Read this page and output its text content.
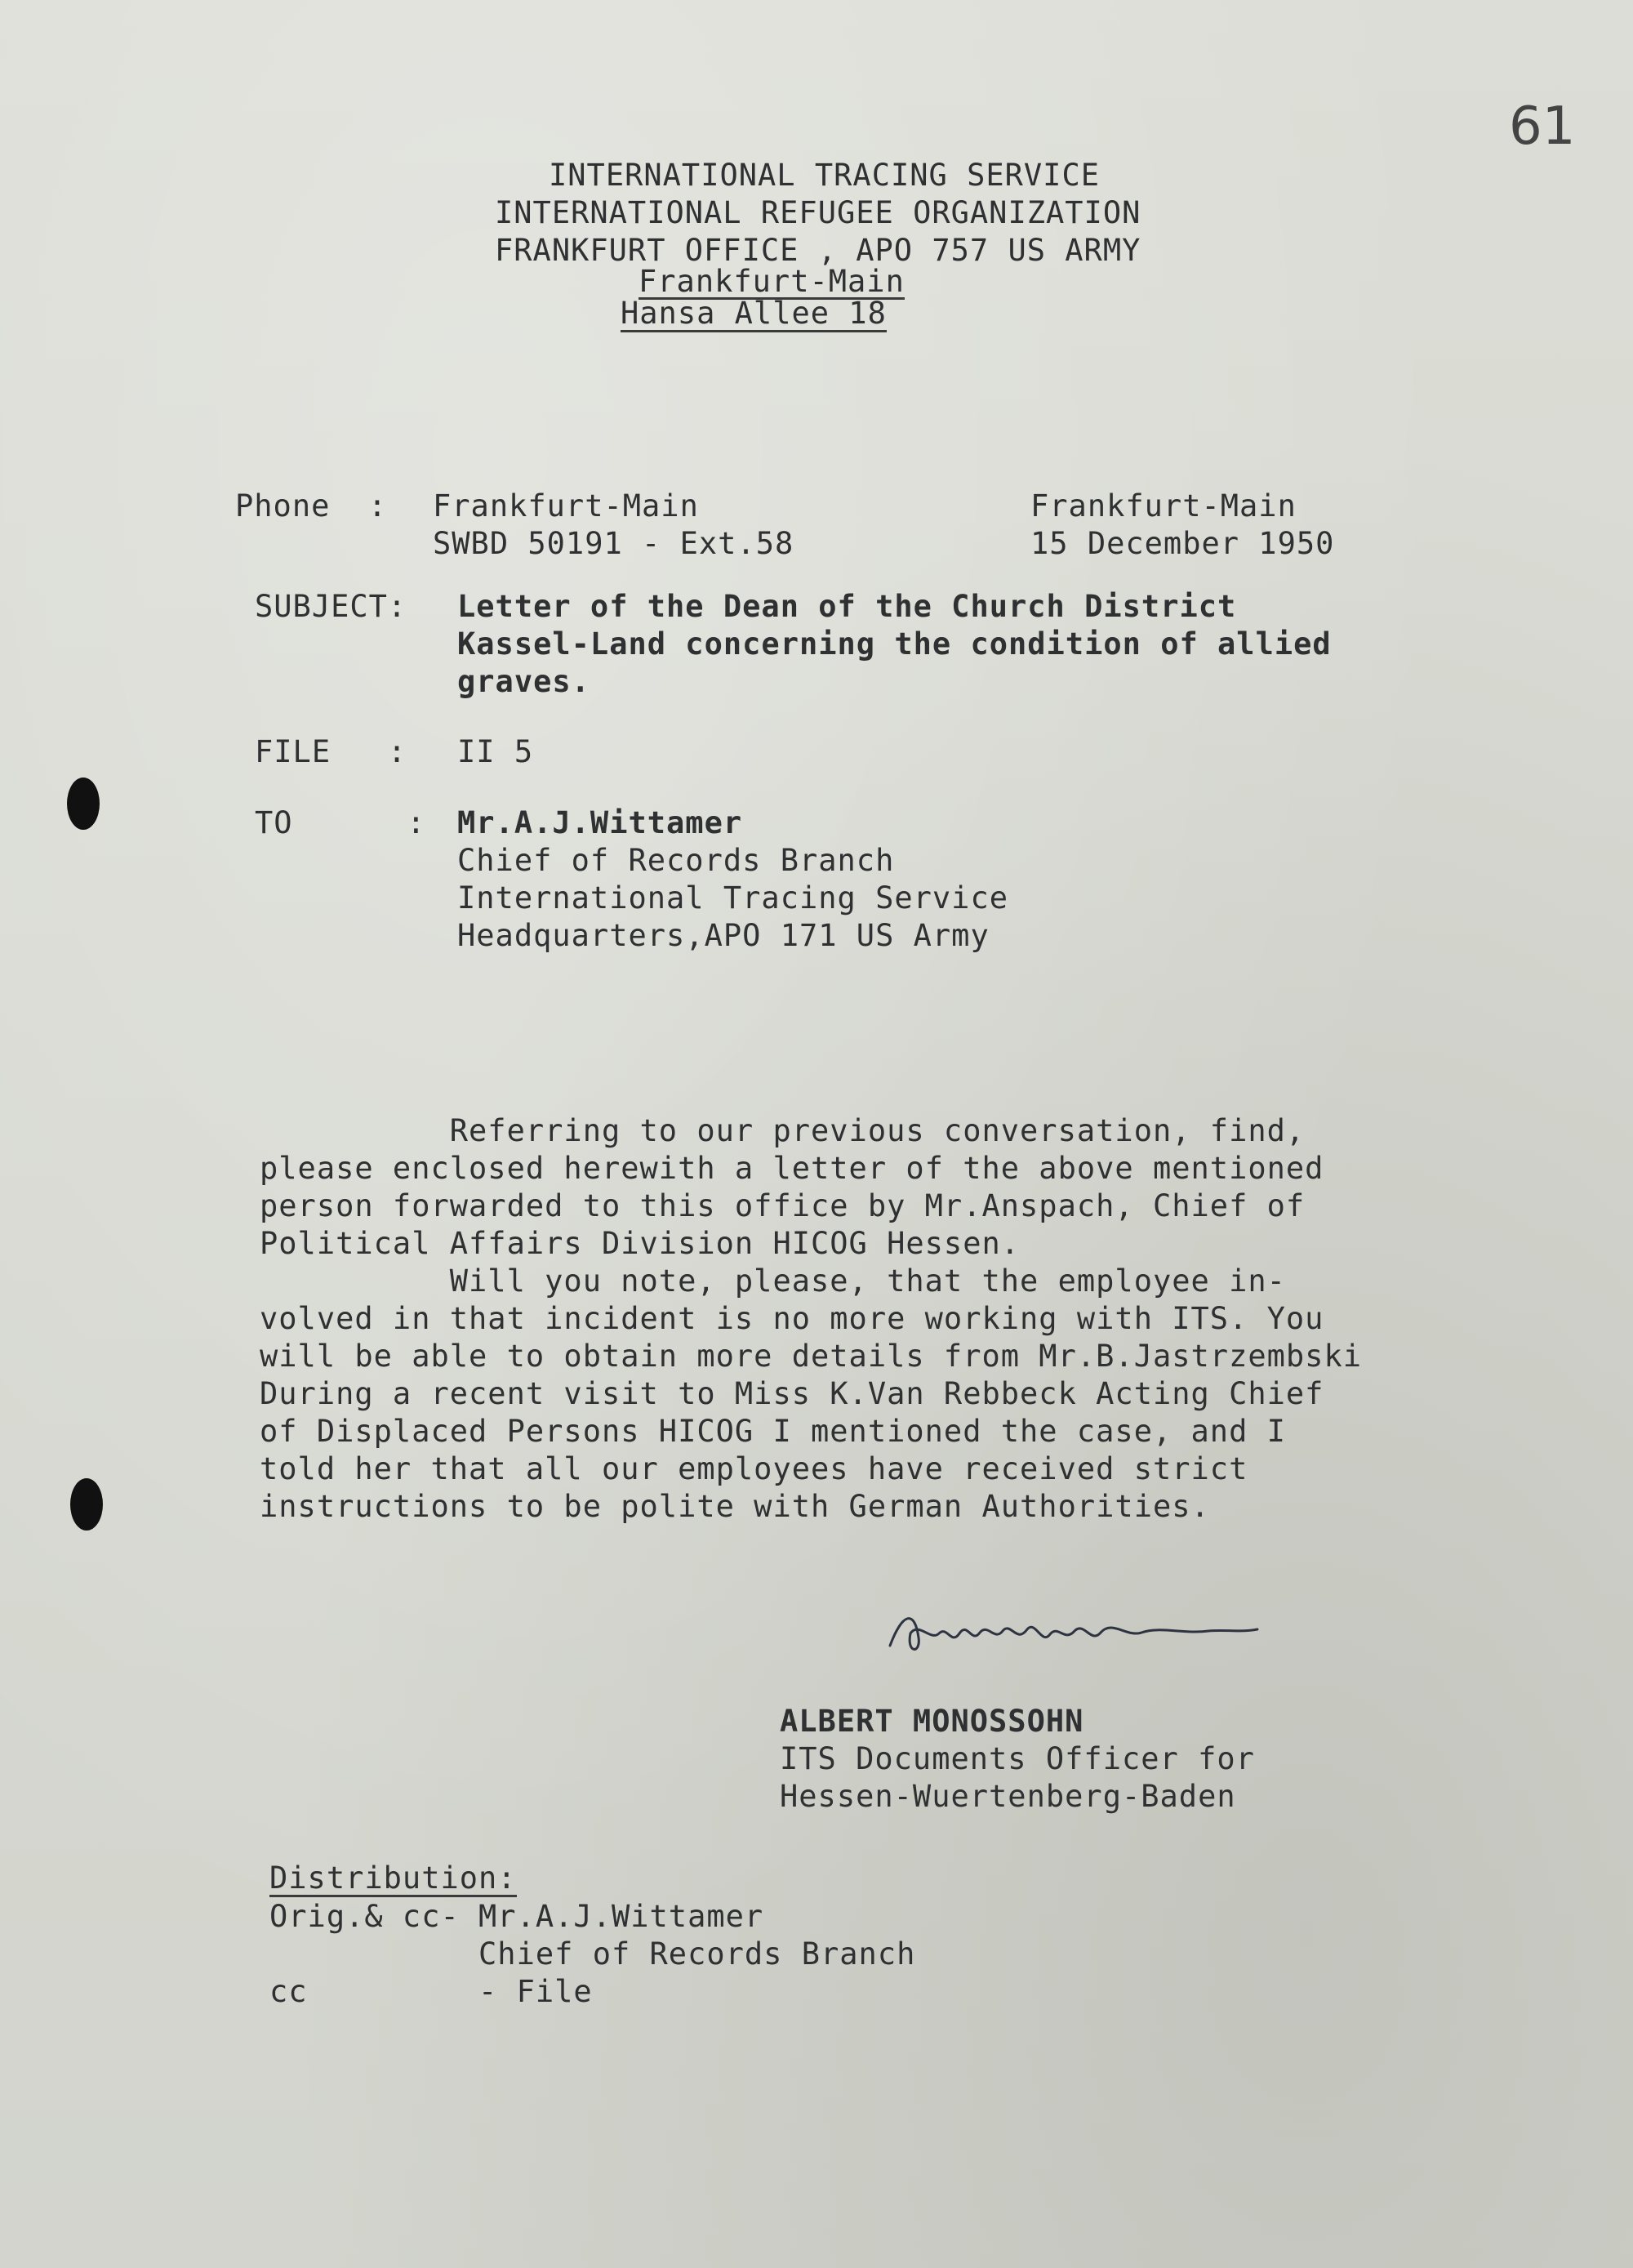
61
INTERNATIONAL TRACING SERVICE
INTERNATIONAL REFUGEE ORGANIZATION
FRANKFURT OFFICE , APO 757 US ARMY
Frankfurt-Main
Hansa Allee 18
Phone  : Frankfurt-Main
SWBD 50191 - Ext.58
Frankfurt-Main
15 December 1950
SUBJECT: Letter of the Dean of the Church District
Kassel-Land concerning the condition of allied
graves.
FILE   : II 5
TO      : Mr.A.J.Wittamer
Chief of Records Branch
International Tracing Service
Headquarters,APO 171 US Army
Referring to our previous conversation, find,
please enclosed herewith a letter of the above mentioned
person forwarded to this office by Mr.Anspach, Chief of
Political Affairs Division HICOG Hessen.
Will you note, please, that the employee in-
volved in that incident is no more working with ITS. You
will be able to obtain more details from Mr.B.Jastrzembski
During a recent visit to Miss K.Van Rebbeck Acting Chief
of Displaced Persons HICOG I mentioned the case, and I
told her that all our employees have received strict
instructions to be polite with German Authorities.
ALBERT MONOSSOHN
ITS Documents Officer for
Hessen-Wuertenberg-Baden
Distribution:
Orig.& cc- Mr.A.J.Wittamer
Chief of Records Branch
cc         - File
